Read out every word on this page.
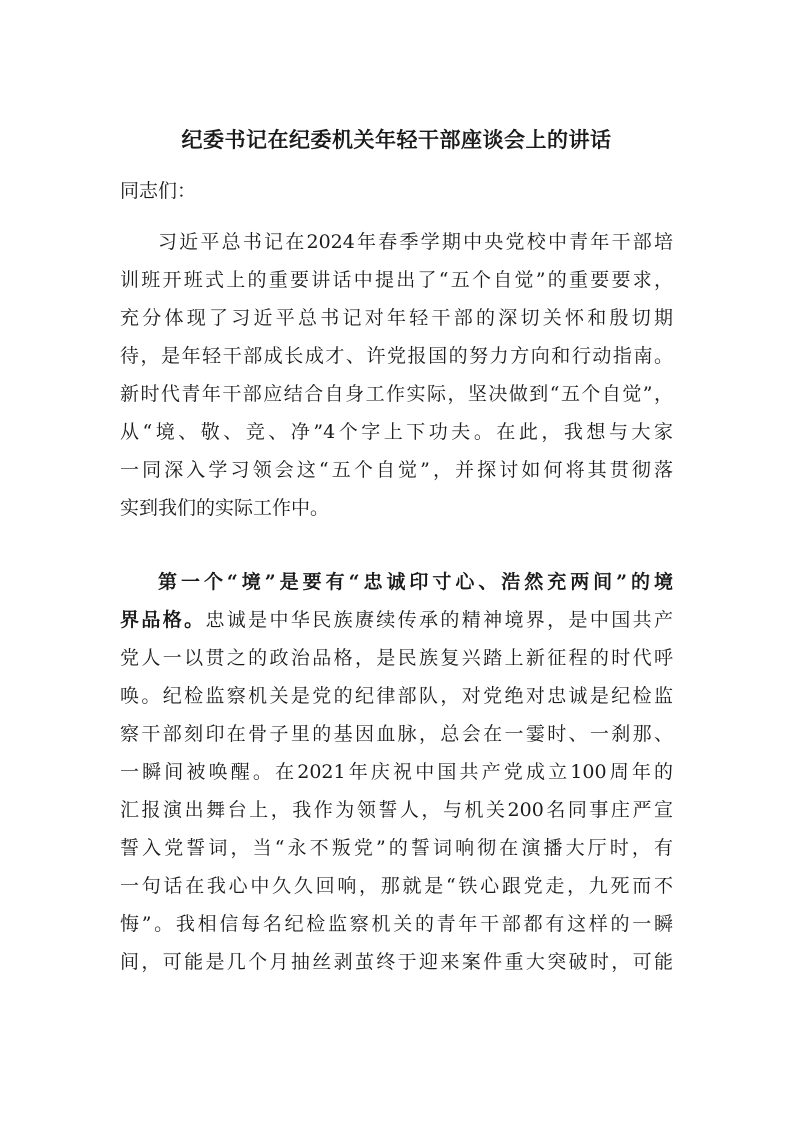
纪委书记在纪委机关年轻干部座谈会上的讲话
同志们：
习近平总书记在2024年春季学期中央党校中青年干部培
训班开班式上的重要讲话中提出了“五个自觉”的重要要求，
充分体现了习近平总书记对年轻干部的深切关怀和殷切期
待，是年轻干部成长成才、许党报国的努力方向和行动指南。
新时代青年干部应结合自身工作实际，坚决做到“五个自觉”，
从“境、敬、竞、净”4个字上下功夫。在此，我想与大家
一同深入学习领会这“五个自觉”，并探讨如何将其贯彻落
实到我们的实际工作中。
第一个“境”是要有“忠诚印寸心、浩然充两间”的境
界品格。忠诚是中华民族赓续传承的精神境界，是中国共产
党人一以贯之的政治品格，是民族复兴踏上新征程的时代呼
唤。纪检监察机关是党的纪律部队，对党绝对忠诚是纪检监
察干部刻印在骨子里的基因血脉，总会在一霎时、一刹那、
一瞬间被唤醒。在2021年庆祝中国共产党成立100周年的
汇报演出舞台上，我作为领誓人，与机关200名同事庄严宣
誓入党誓词，当“永不叛党”的誓词响彻在演播大厅时，有
一句话在我心中久久回响，那就是“铁心跟党走，九死而不
悔”。我相信每名纪检监察机关的青年干部都有这样的一瞬
间，可能是几个月抽丝剥茧终于迎来案件重大突破时，可能
